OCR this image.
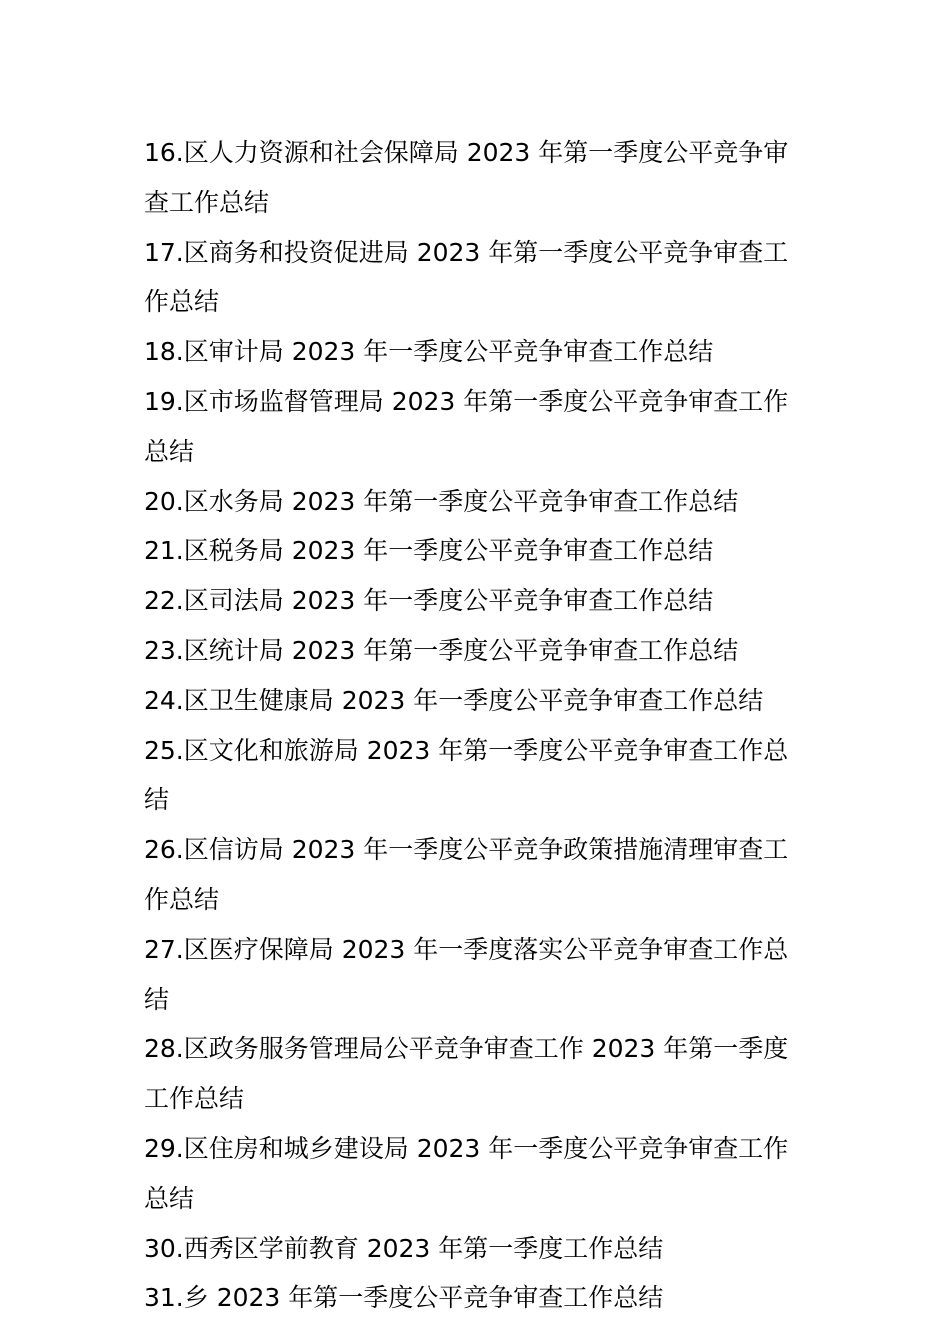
16.区人力资源和社会保障局 2023 年第一季度公平竞争审查工作总结
17.区商务和投资促进局 2023 年第一季度公平竞争审查工作总结
18.区审计局 2023 年一季度公平竞争审查工作总结
19.区市场监督管理局 2023 年第一季度公平竞争审查工作总结
20.区水务局 2023 年第一季度公平竞争审查工作总结
21.区税务局 2023 年一季度公平竞争审查工作总结
22.区司法局 2023 年一季度公平竞争审查工作总结
23.区统计局 2023 年第一季度公平竞争审查工作总结
24.区卫生健康局 2023 年一季度公平竞争审查工作总结
25.区文化和旅游局 2023 年第一季度公平竞争审查工作总结
26.区信访局 2023 年一季度公平竞争政策措施清理审查工作总结
27.区医疗保障局 2023 年一季度落实公平竞争审查工作总结
28.区政务服务管理局公平竞争审查工作 2023 年第一季度工作总结
29.区住房和城乡建设局 2023 年一季度公平竞争审查工作总结
30.西秀区学前教育 2023 年第一季度工作总结
31.乡 2023 年第一季度公平竞争审查工作总结
